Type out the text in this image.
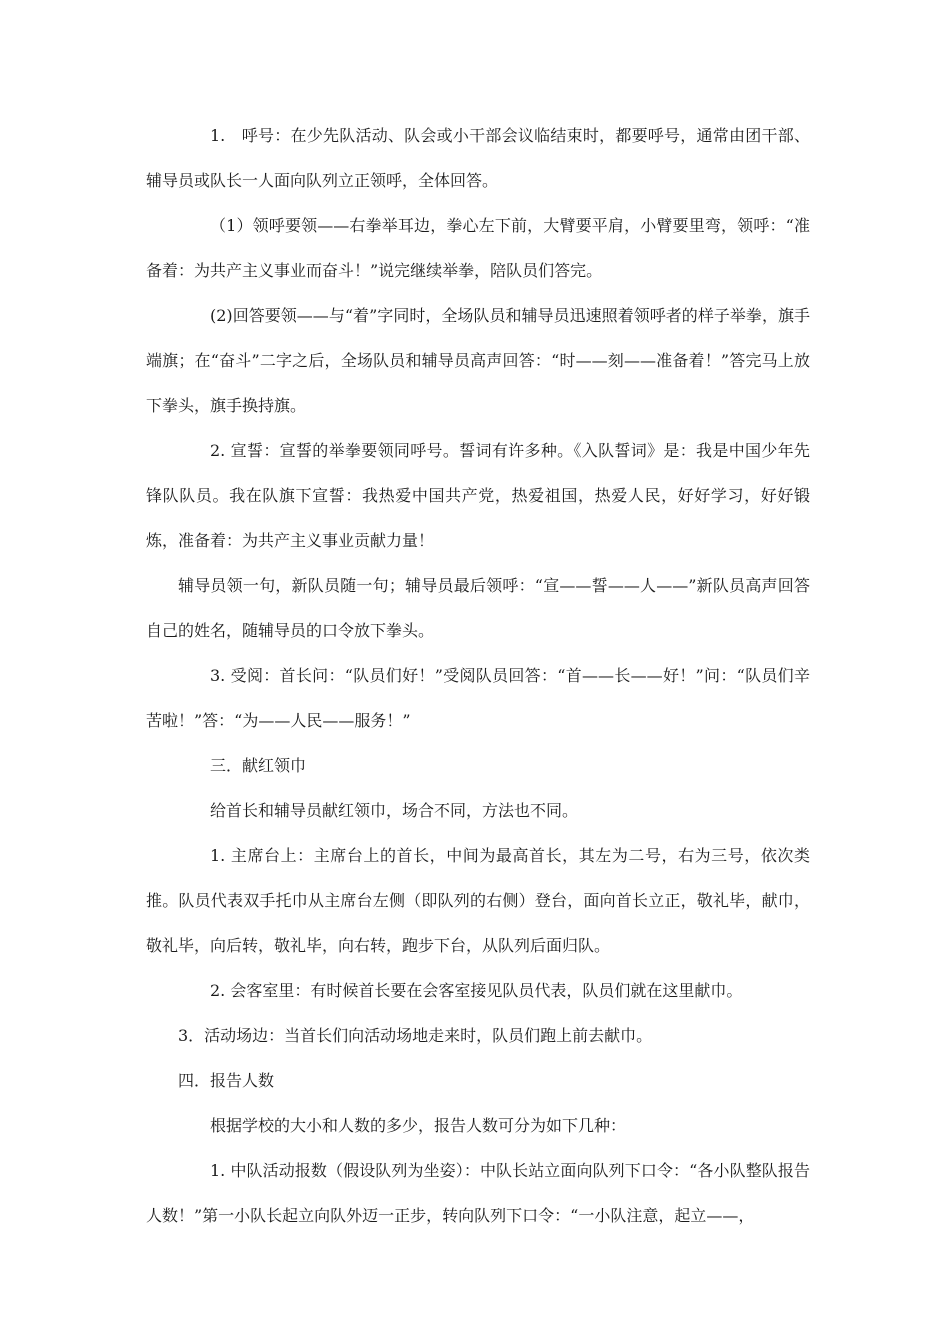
1.　呼号：在少先队活动、队会或小干部会议临结束时，都要呼号，通常由团干部、辅导员或队长一人面向队列立正领呼，全体回答。

（1）领呼要领——右拳举耳边，拳心左下前，大臂要平肩，小臂要里弯，领呼：“准备着：为共产主义事业而奋斗！”说完继续举拳，陪队员们答完。

(2)回答要领——与“着”字同时，全场队员和辅导员迅速照着领呼者的样子举拳，旗手端旗；在“奋斗”二字之后，全场队员和辅导员高声回答：“时——刻——准备着！”答完马上放下拳头，旗手换持旗。

2. 宣誓：宣誓的举拳要领同呼号。誓词有许多种。《入队誓词》是：我是中国少年先锋队队员。我在队旗下宣誓：我热爱中国共产党，热爱祖国，热爱人民，好好学习，好好锻炼，准备着：为共产主义事业贡献力量！

辅导员领一句，新队员随一句；辅导员最后领呼：“宣——誓——人——”新队员高声回答自己的姓名，随辅导员的口令放下拳头。

3. 受阅：首长问：“队员们好！”受阅队员回答：“首——长——好！”问：“队员们辛苦啦！”答：“为——人民——服务！”

三．献红领巾

给首长和辅导员献红领巾，场合不同，方法也不同。

1. 主席台上：主席台上的首长，中间为最高首长，其左为二号，右为三号，依次类推。队员代表双手托巾从主席台左侧（即队列的右侧）登台，面向首长立正，敬礼毕，献巾，敬礼毕，向后转，敬礼毕，向右转，跑步下台，从队列后面归队。

2. 会客室里：有时候首长要在会客室接见队员代表，队员们就在这里献巾。

3．活动场边：当首长们向活动场地走来时，队员们跑上前去献巾。

四．报告人数

根据学校的大小和人数的多少，报告人数可分为如下几种：

1. 中队活动报数（假设队列为坐姿）：中队长站立面向队列下口令：“各小队整队报告人数！”第一小队长起立向队外迈一正步，转向队列下口令：“一小队注意，起立——，
